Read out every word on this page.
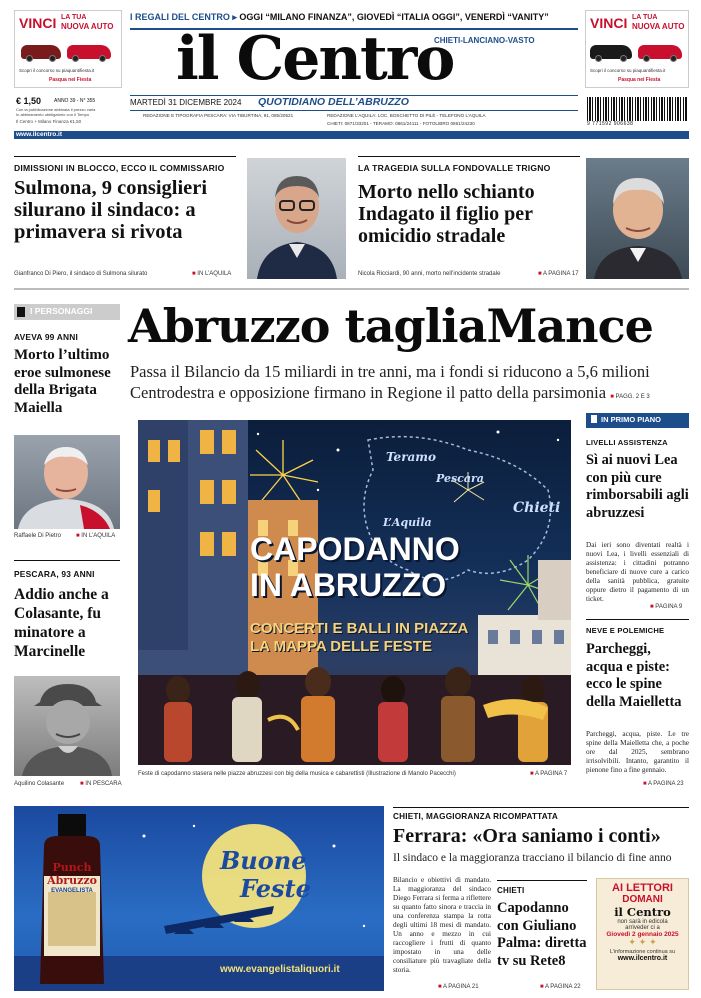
VINCI LA TUA
NUOVA AUTO
Scopri il concorso su piaquantifiesta.it
Pasqua nei Fiesta
VINCI LA TUA
NUOVA AUTO
Scopri il concorso su piaquantifiesta.it
Pasqua nei Fiesta
I REGALI DEL CENTRO ▸ OGGI “MILANO FINANZA”, GIOVEDÌ “ITALIA OGGI”, VENERDÌ “VANITY”
il Centro
CHIETI-LANCIANO-VASTO
MARTEDÌ 31 DICEMBRE 2024 QUOTIDIANO DELL’ABRUZZO
REDAZIONE E TIPOGRAFIA PESCARA: VIA TIBURTINA, 91, 085/20521	REDAZIONE L’AQUILA: LOC. BOSCHETTO DI PILÈ - TELEFONO L’AQUILA
CHIETI: 0871/33201 - TERAMO: 0861/24111 - FOTOLIBRO 0861/24230
€ 1,50	ANNO 39 - N° 355
Con la pubblicazione abbinata il prezzo varia
In abbinamento obbligatorio con Il Tempo
Il Centro + Milano Finanza €1,50	9 771592 906638
www.ilcentro.it
DIMISSIONI IN BLOCCO, ECCO IL COMMISSARIO
Sulmona, 9 consiglieri silurano il sindaco: a primavera si rivota
Gianfranco Di Piero, il sindaco di Sulmona silurato	■ IN L’AQUILA
LA TRAGEDIA SULLA FONDOVALLE TRIGNO
Morto nello schianto Indagato il figlio per omicidio stradale
Nicola Ricciardi, 90 anni, morto nell’incidente stradale	■ A PAGINA 17
I PERSONAGGI
AVEVA 99 ANNI
Morto l’ultimo eroe sulmonese della Brigata Maiella
Raffaele Di Pietro	■ IN L’AQUILA
PESCARA, 93 ANNI
Addio anche a Colasante, fu minatore a Marcinelle
Aquilino Colasante	■ IN PESCARA
Abruzzo tagliaMance
Passa il Bilancio da 15 miliardi in tre anni, ma i fondi si riducono a 5,6 milioni
Centrodestra e opposizione firmano in Regione il patto della parsimonia ■ PAGG. 2 E 3
Teramo
Pescara
Chieti
L’Aquila
CAPODANNO
IN ABRUZZO
CONCERTI E BALLI IN PIAZZA
LA MAPPA DELLE FESTE
Feste di capodanno stasera nelle piazze abruzzesi con big della musica e cabarettisti (Illustrazione di Manolo Pacecchi)	■ A PAGINA 7
IN PRIMO PIANO
LIVELLI ASSISTENZA
Sì ai nuovi Lea con più cure rimborsabili agli abruzzesi
Dai ieri sono diventati realtà i nuovi Lea, i livelli essenziali di assistenza: i cittadini potranno beneficiare di nuove cure a carico della sanità pubblica, gratuite oppure dietro il pagamento di un ticket.
■ PAGINA 9
NEVE E POLEMICHE
Parcheggi, acqua e piste: ecco le spine della Maielletta
Parcheggi, acqua, piste. Le tre spine della Maielletta che, a poche ore dal 2025, sembrano irrisolvibili. Intanto, garantito il pienone fino a fine gennaio.
■ A PAGINA 23
Punch Abruzzo
EVANGELISTA
Buone
Feste
www.evangelistaliquori.it
CHIETI, MAGGIORANZA RICOMPATTATA
Ferrara: «Ora saniamo i conti»
Il sindaco e la maggioranza tracciano il bilancio di fine anno
Bilancio e obiettivi di mandato. La maggioranza del sindaco Diego Ferrara si ferma a riflettere su quanto fatto sinora e traccia in una conferenza stampa la rotta degli ultimi 18 mesi di mandato. Un anno e mezzo in cui raccogliere i frutti di quanto impostato in una delle consiliature più travagliate della storia.
■ A PAGINA 21
CHIETI
Capodanno con Giuliano Palma: diretta tv su Rete8
■ A PAGINA 22
AI LETTORI
DOMANI
il Centro
non sarà in edicola
arriveder ci a
Giovedì 2 gennaio 2025
✦ ✦ ✦
L’informazione continua su
www.ilcentro.it
